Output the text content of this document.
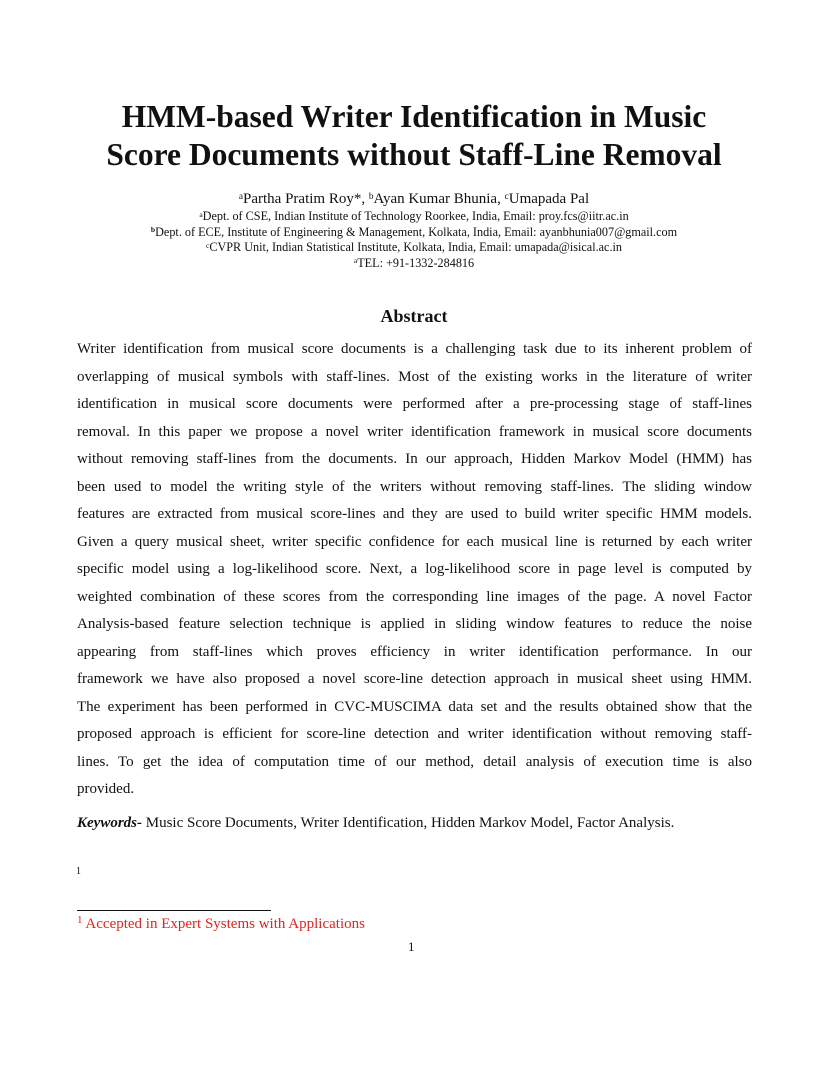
HMM-based Writer Identification in Music
Score Documents without Staff-Line Removal
$^a$Partha Pratim Roy*, $^b$Ayan Kumar Bhunia, $^c$Umapada Pal
$^a$Dept. of CSE, Indian Institute of Technology Roorkee, India, Email: proy.fcs@iitr.ac.in
$^b$Dept. of ECE, Institute of Engineering & Management, Kolkata, India, Email: ayanbhunia007@gmail.com
$^c$CVPR Unit, Indian Statistical Institute, Kolkata, India, Email: umapada@isical.ac.in
$^a$TEL: +91-1332-284816
Abstract
Writer identification from musical score documents is a challenging task due to its inherent problem of
overlapping of musical symbols with staff-lines. Most of the existing works in the literature of writer
identification in musical score documents were performed after a pre-processing stage of staff-lines
removal. In this paper we propose a novel writer identification framework in musical score documents
without removing staff-lines from the documents. In our approach, Hidden Markov Model (HMM) has
been used to model the writing style of the writers without removing staff-lines. The sliding window
features are extracted from musical score-lines and they are used to build writer specific HMM models.
Given a query musical sheet, writer specific confidence for each musical line is returned by each writer
specific model using a log-likelihood score. Next, a log-likelihood score in page level is computed by
weighted combination of these scores from the corresponding line images of the page. A novel Factor
Analysis-based feature selection technique is applied in sliding window features to reduce the noise
appearing from staff-lines which proves efficiency in writer identification performance. In our
framework we have also proposed a novel score-line detection approach in musical sheet using HMM.
The experiment has been performed in CVC-MUSCIMA data set and the results obtained show that the
proposed approach is efficient for score-line detection and writer identification without removing staff-
lines. To get the idea of computation time of our method, detail analysis of execution time is also
provided.
Keywords- Music Score Documents, Writer Identification, Hidden Markov Model, Factor Analysis.
1
$^1$ Accepted in Expert Systems with Applications
1
